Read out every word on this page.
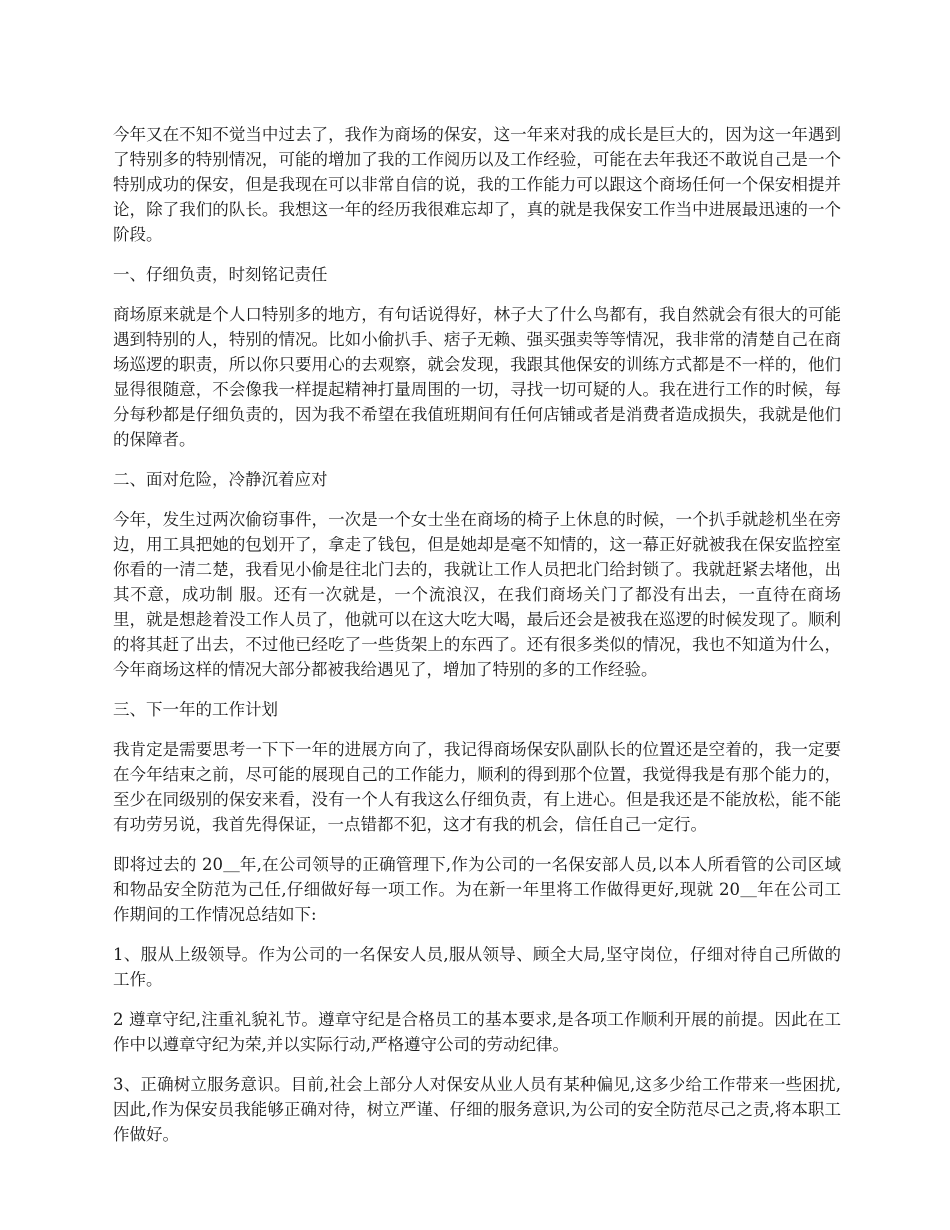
今年又在不知不觉当中过去了，我作为商场的保安，这一年来对我的成长是巨大的，因为这一年遇到了特别多的特别情况，可能的增加了我的工作阅历以及工作经验，可能在去年我还不敢说自己是一个特别成功的保安，但是我现在可以非常自信的说，我的工作能力可以跟这个商场任何一个保安相提并论，除了我们的队长。我想这一年的经历我很难忘却了，真的就是我保安工作当中进展最迅速的一个阶段。

一、仔细负责，时刻铭记责任

商场原来就是个人口特别多的地方，有句话说得好，林子大了什么鸟都有，我自然就会有很大的可能遇到特别的人，特别的情况。比如小偷扒手、痞子无赖、强买强卖等等情况，我非常的清楚自己在商场巡逻的职责，所以你只要用心的去观察，就会发现，我跟其他保安的训练方式都是不一样的，他们显得很随意，不会像我一样提起精神打量周围的一切，寻找一切可疑的人。我在进行工作的时候，每分每秒都是仔细负责的，因为我不希望在我值班期间有任何店铺或者是消费者造成损失，我就是他们的保障者。

二、面对危险，冷静沉着应对

今年，发生过两次偷窃事件，一次是一个女士坐在商场的椅子上休息的时候，一个扒手就趁机坐在旁边，用工具把她的包划开了，拿走了钱包，但是她却是毫不知情的，这一幕正好就被我在保安监控室你看的一清二楚，我看见小偷是往北门去的，我就让工作人员把北门给封锁了。我就赶紧去堵他，出其不意，成功制 服。还有一次就是，一个流浪汉，在我们商场关门了都没有出去，一直待在商场里，就是想趁着没工作人员了，他就可以在这大吃大喝，最后还会是被我在巡逻的时候发现了。顺利的将其赶了出去，不过他已经吃了一些货架上的东西了。还有很多类似的情况，我也不知道为什么，今年商场这样的情况大部分都被我给遇见了，增加了特别的多的工作经验。

三、下一年的工作计划

我肯定是需要思考一下下一年的进展方向了，我记得商场保安队副队长的位置还是空着的，我一定要在今年结束之前，尽可能的展现自己的工作能力，顺利的得到那个位置，我觉得我是有那个能力的，至少在同级别的保安来看，没有一个人有我这么仔细负责，有上进心。但是我还是不能放松，能不能有功劳另说，我首先得保证，一点错都不犯，这才有我的机会，信任自己一定行。

即将过去的 20＿年,在公司领导的正确管理下,作为公司的一名保安部人员,以本人所看管的公司区域和物品安全防范为己任,仔细做好每一项工作。为在新一年里将工作做得更好,现就 20＿年在公司工作期间的工作情况总结如下:

1、服从上级领导。作为公司的一名保安人员,服从领导、顾全大局,坚守岗位，仔细对待自己所做的工作。

2 遵章守纪,注重礼貌礼节。遵章守纪是合格员工的基本要求,是各项工作顺利开展的前提。因此在工作中以遵章守纪为荣,并以实际行动,严格遵守公司的劳动纪律。

3、正确树立服务意识。目前,社会上部分人对保安从业人员有某种偏见,这多少给工作带来一些困扰,因此,作为保安员我能够正确对待，树立严谨、仔细的服务意识,为公司的安全防范尽己之责,将本职工作做好。
